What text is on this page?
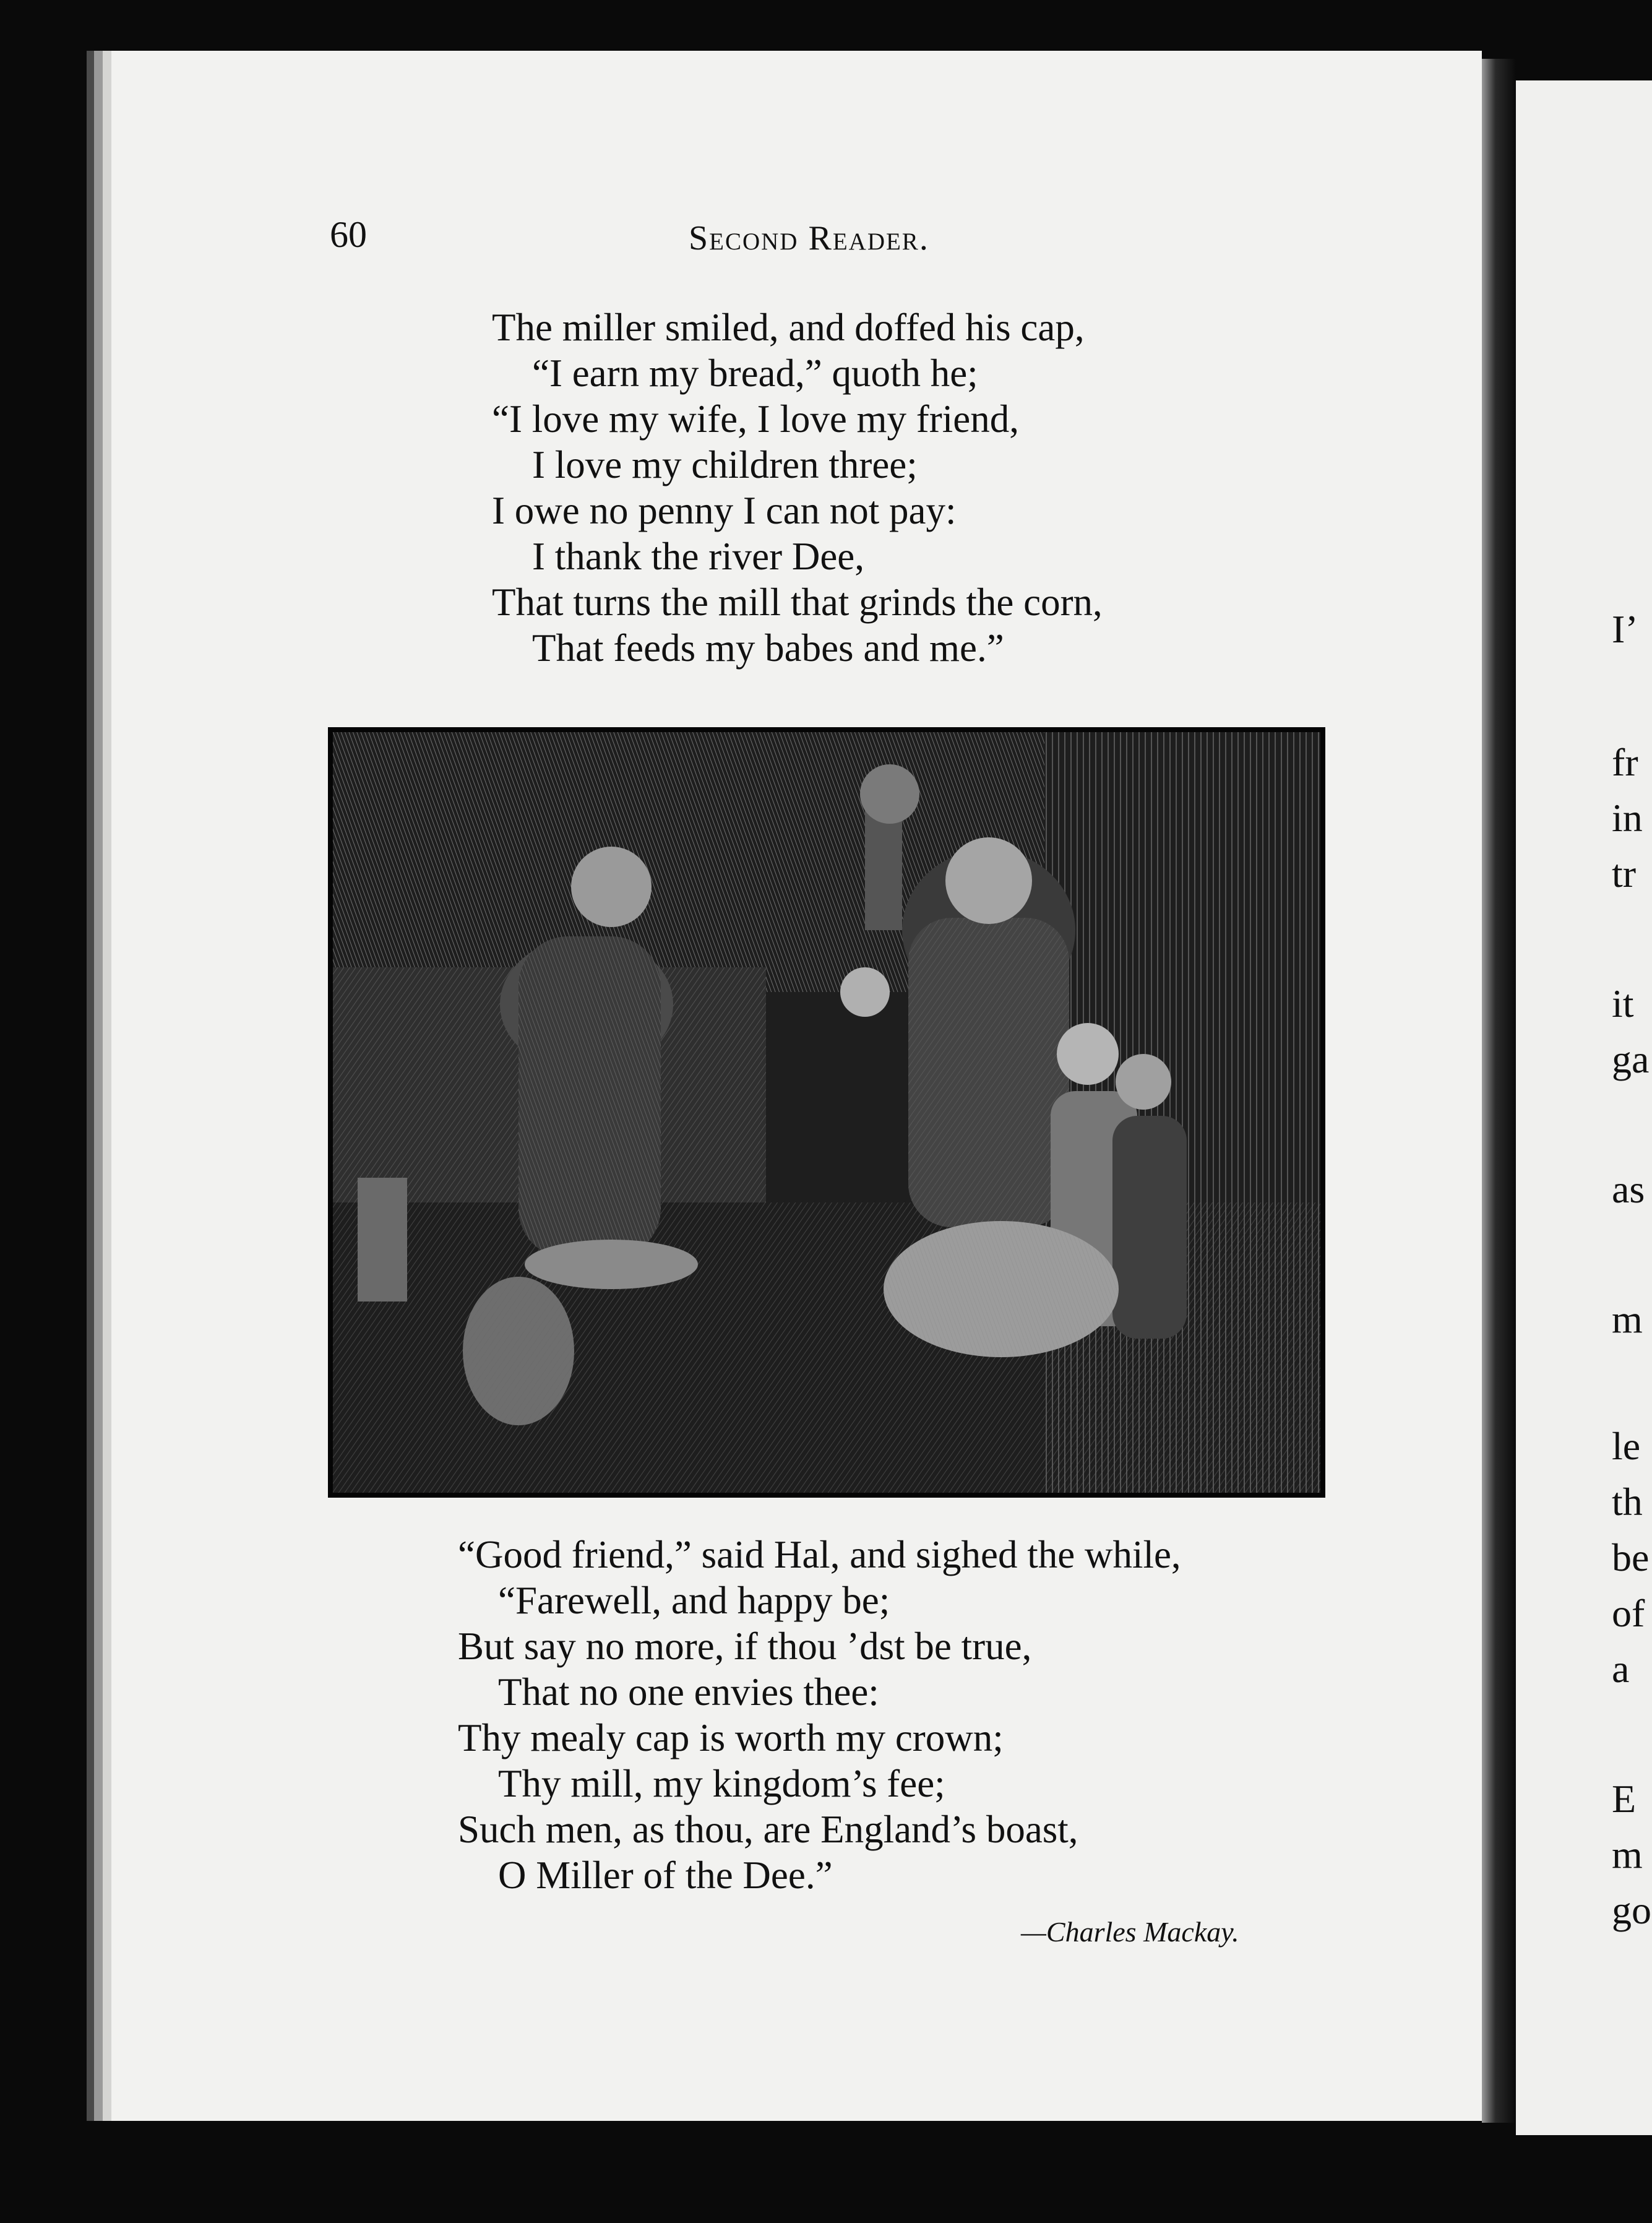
60	Second Reader.
The miller smiled, and doffed his cap,
“I earn my bread,” quoth he;
“I love my wife, I love my friend,
I love my children three;
I owe no penny I can not pay:
I thank the river Dee,
That turns the mill that grinds the corn,
That feeds my babes and me.”
“Good friend,” said Hal, and sighed the while,
“Farewell, and happy be;
But say no more, if thou ’dst be true,
That no one envies thee:
Thy mealy cap is worth my crown;
Thy mill, my kingdom’s fee;
Such men, as thou, are England’s boast,
O Miller of the Dee.”
—Charles Mackay.
I’
fr
in
tr
it
ga
as
m
le
th
be
of
a
E
m
go
